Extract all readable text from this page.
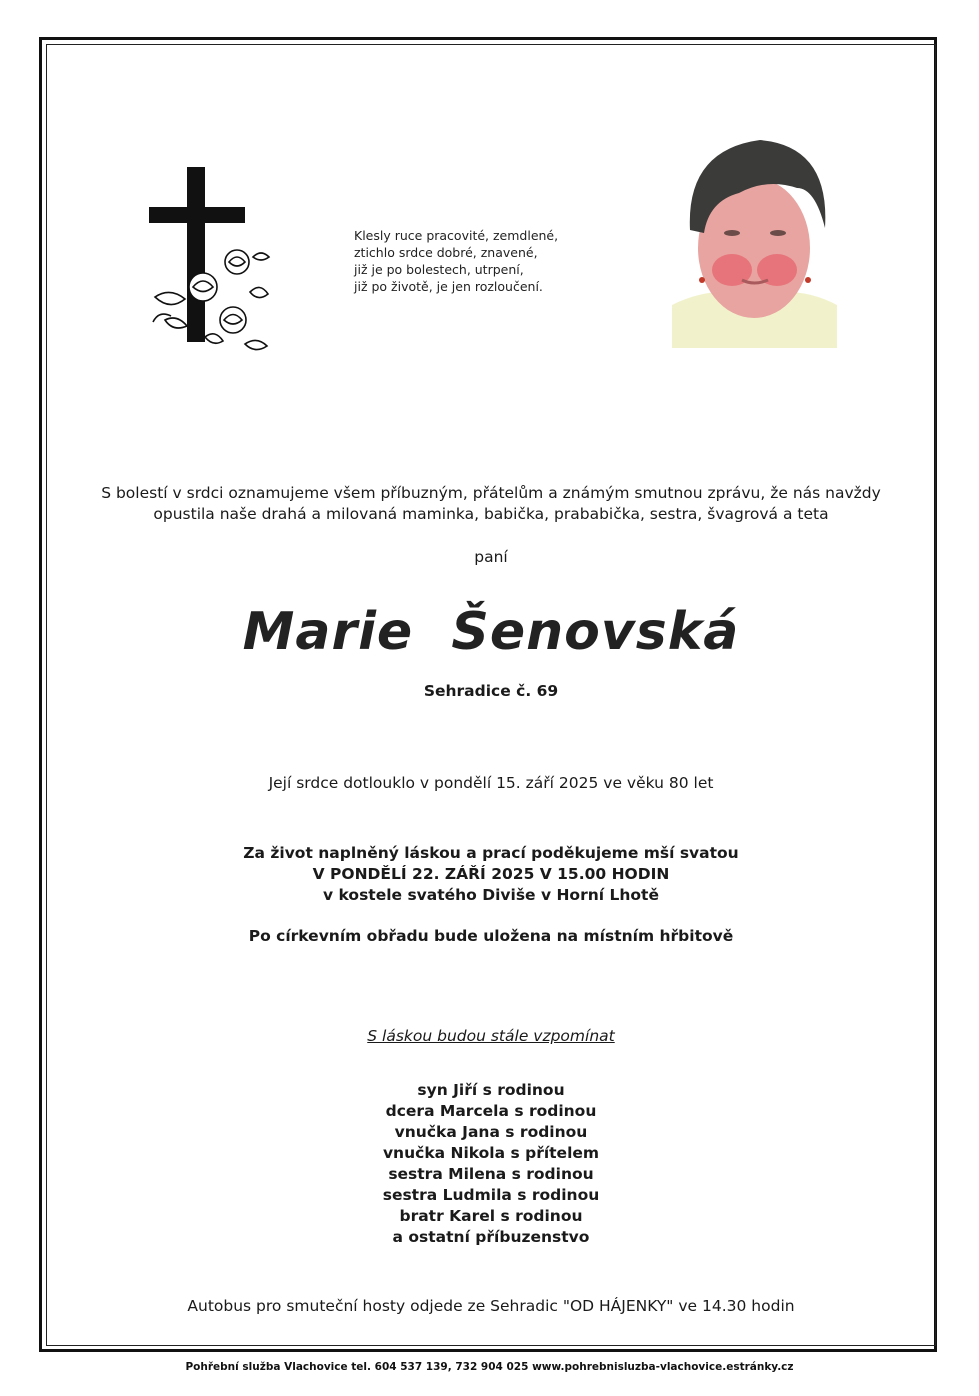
Klesly ruce pracovité, zemdlené,
ztichlo srdce dobré, znavené,
již je po bolestech, utrpení,
již po životě, je jen rozloučení.
S bolestí v srdci oznamujeme všem příbuzným, přátelům a známým smutnou zprávu, že nás navždy
opustila naše drahá a milovaná maminka, babička, prababička, sestra, švagrová a teta
paní
Marie  Šenovská
Sehradice č. 69
Její srdce dotlouklo v pondělí 15. září 2025 ve věku 80 let
Za život naplněný láskou a prací poděkujeme mší svatou
V PONDĚLÍ 22. ZÁŘÍ 2025 V 15.00 HODIN
v kostele svatého Diviše v Horní Lhotě
Po církevním obřadu bude uložena na místním hřbitově
S láskou budou stále vzpomínat
syn Jiří s rodinou
dcera Marcela s rodinou
vnučka Jana s rodinou
vnučka Nikola s přítelem
sestra Milena s rodinou
sestra Ludmila s rodinou
bratr Karel s rodinou
a ostatní příbuzenstvo
Autobus pro smuteční hosty odjede ze Sehradic "OD HÁJENKY" ve 14.30 hodin
Pohřební služba Vlachovice tel. 604 537 139, 732 904 025 www.pohrebnisluzba-vlachovice.estránky.cz
